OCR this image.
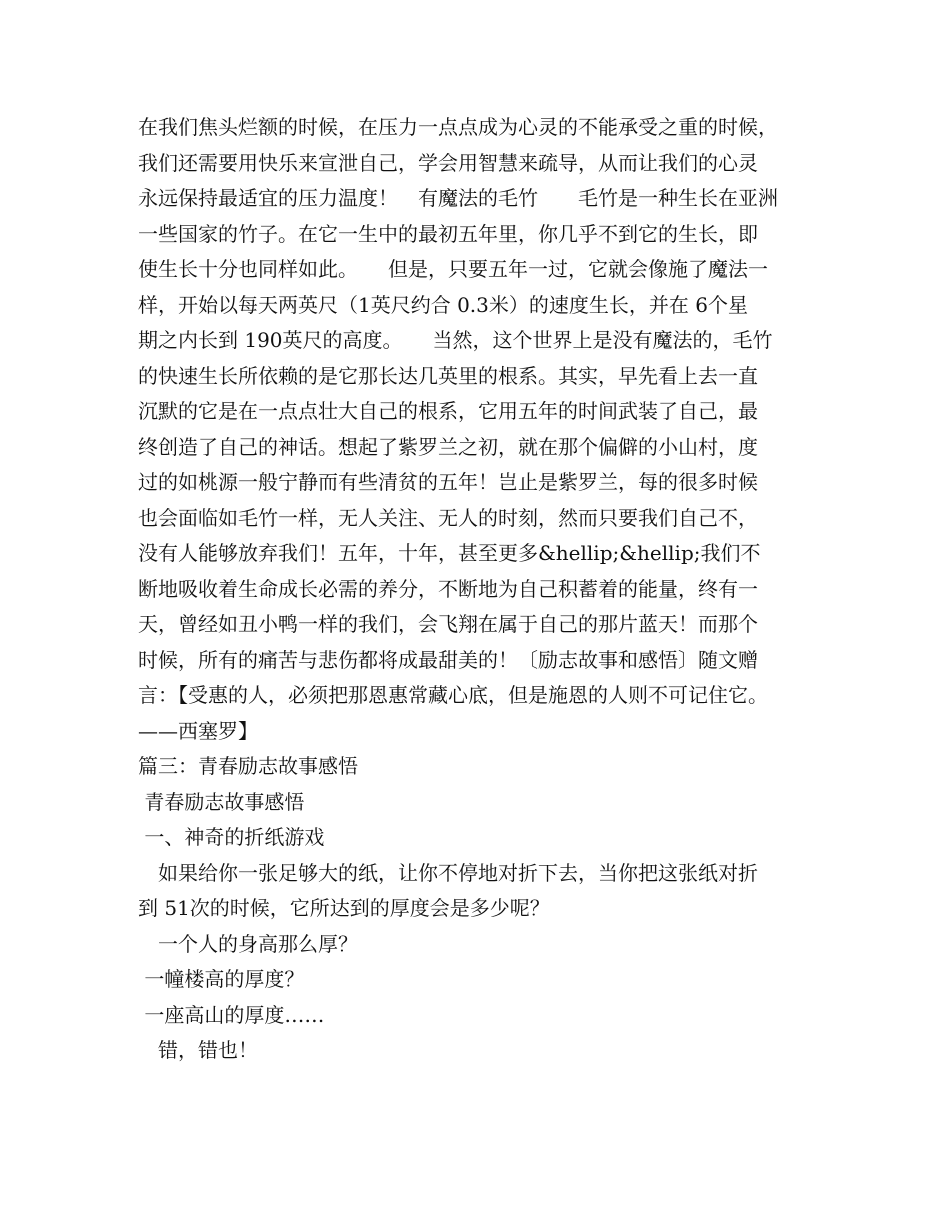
在我们焦头烂额的时候，在压力一点点成为心灵的不能承受之重的时候，
我们还需要用快乐来宣泄自己，学会用智慧来疏导，从而让我们的心灵
永远保持最适宜的压力温度！　有魔法的毛竹　　毛竹是一种生长在亚洲
一些国家的竹子。在它一生中的最初五年里，你几乎不到它的生长，即
使生长十分也同样如此。　　但是，只要五年一过，它就会像施了魔法一
样，开始以每天两英尺（1英尺约合 0.3米）的速度生长，并在 6个星
期之内长到 190英尺的高度。　　当然，这个世界上是没有魔法的，毛竹
的快速生长所依赖的是它那长达几英里的根系。其实，早先看上去一直
沉默的它是在一点点壮大自己的根系，它用五年的时间武装了自己，最
终创造了自己的神话。想起了紫罗兰之初，就在那个偏僻的小山村，度
过的如桃源一般宁静而有些清贫的五年！岂止是紫罗兰，每的很多时候
也会面临如毛竹一样，无人关注、无人的时刻，然而只要我们自己不，
没有人能够放弃我们！五年，十年，甚至更多&hellip;&hellip;我们不
断地吸收着生命成长必需的养分，不断地为自己积蓄着的能量，终有一
天，曾经如丑小鸭一样的我们，会飞翔在属于自己的那片蓝天！而那个
时候，所有的痛苦与悲伤都将成最甜美的！〔励志故事和感悟〕随文赠
言：【受惠的人，必须把那恩惠常藏心底，但是施恩的人则不可记住它。
——西塞罗】
篇三：青春励志故事感悟
青春励志故事感悟
一、神奇的折纸游戏
　如果给你一张足够大的纸，让你不停地对折下去，当你把这张纸对折
到 51次的时候，它所达到的厚度会是多少呢？
　一个人的身高那么厚？
一幢楼高的厚度？
一座高山的厚度……
　错，错也！
